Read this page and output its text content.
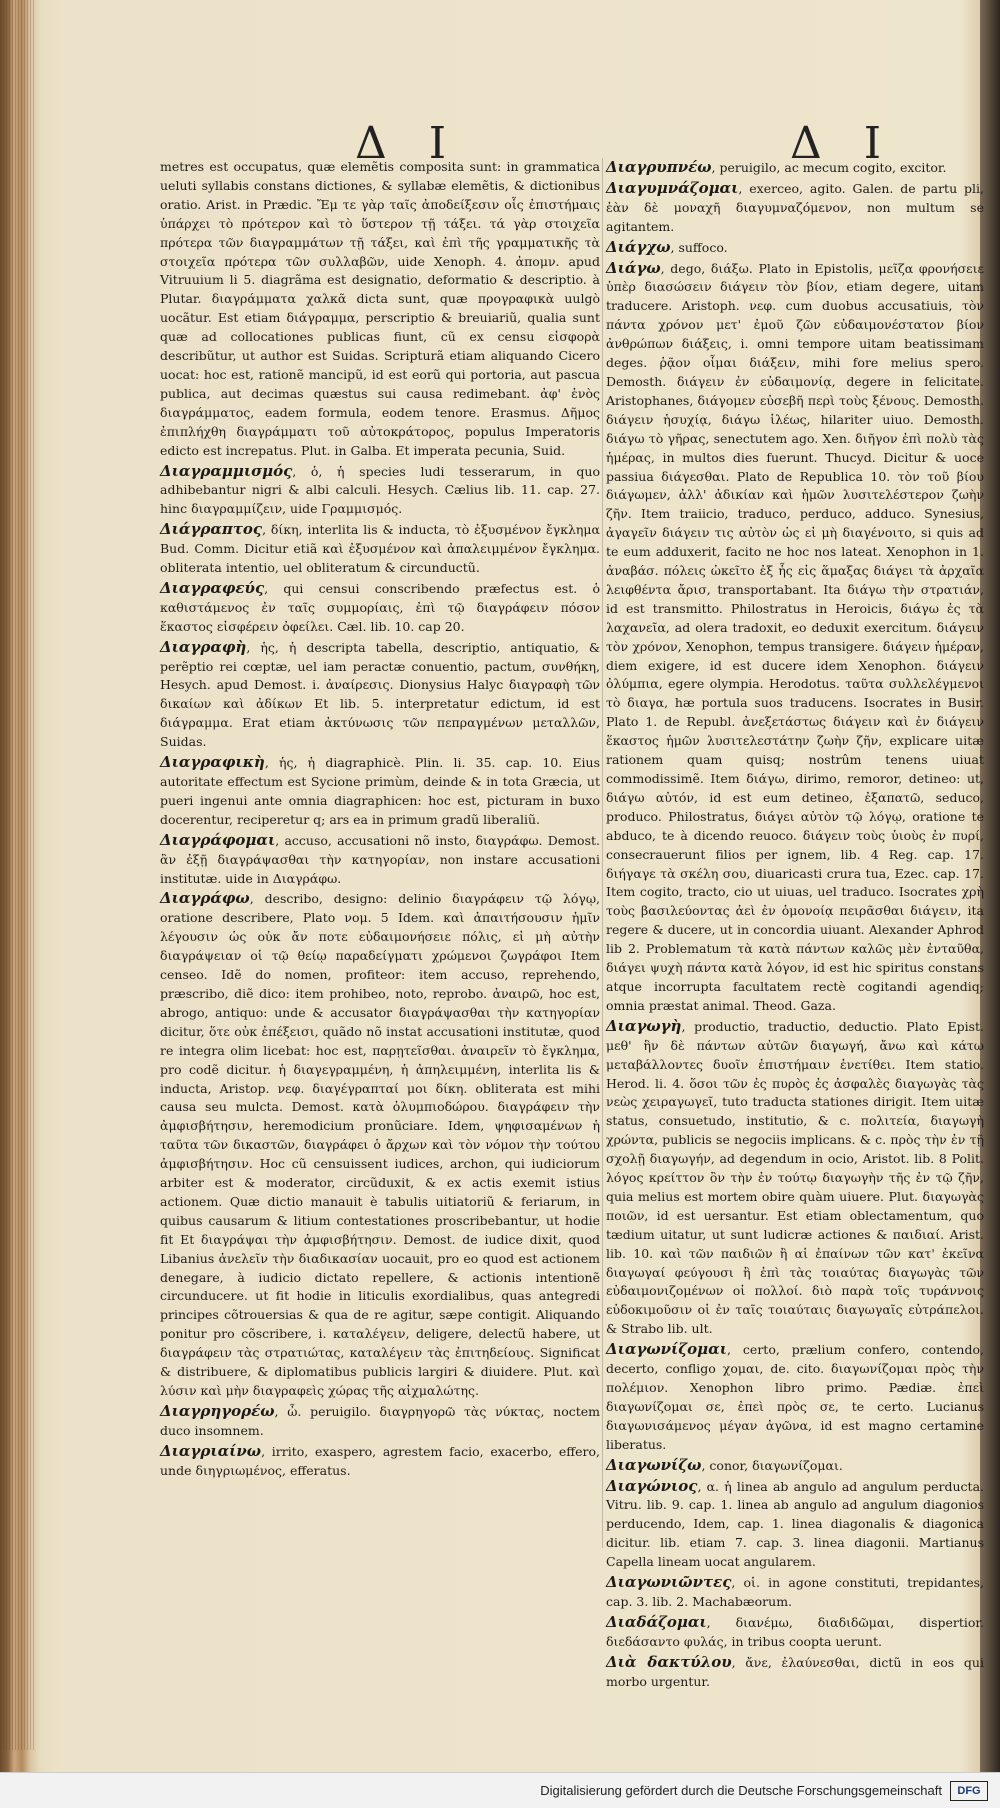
Δ I	Δ I

metres est occupatus, quæ elemẽtis composita sunt: in grammatica ueluti syllabis constans dictiones, & syllabæ elemẽtis, & dictionibus oratio. Arist. in Prædic. Ἔμ τε γὰρ ταῖς ἀποδείξεσιν οἷς ἐπιστήμαις ὑπάρχει τὸ πρότερον καὶ τὸ ὕστερον τῇ τάξει. τά γὰρ στοιχεῖα πρότερα τῶν διαγραμμάτων τῇ τάξει, καὶ ἐπὶ τῆς γραμματικῆς τὰ στοιχεῖα πρότερα τῶν συλλαβῶν, uide Xenoph. 4. ἀπομν. apud Vitruuium li 5. diagrãma est designatio, deformatio & descriptio. à Plutar. διαγράμματα χαλκᾶ dicta sunt, quæ πρoγραφικὰ uulgò uocãtur. Est etiam διάγραμμα, perscriptio & breuiariũ, qualia sunt quæ ad collocationes publicas fiunt, cũ ex censu εἰσφορὰ describũtur, ut author est Suidas. Scripturã etiam aliquando Cicero uocat: hoc est, rationẽ mancipũ, id est eorũ qui portoria, aut pascua publica, aut decimas quæstus sui causa redimebant. ἀφ' ἑνὸς διαγράμματος, eadem formula, eodem tenore. Erasmus. Δῆμος ἐπιπλήχθη διαγράμματι τοῦ αὐτοκράτορος, populus Imperatoris edicto est increpatus. Plut. in Galba. Et imperata pecunia, Suid.

Διαγραμμισμός, ὁ, ἡ species ludi tesserarum, in quo adhibebantur nigri & albi calculi. Hesych. Cælius lib. 11. cap. 27. hinc διαγραμμίζειν, uide Γραμμισμός.

Διάγραπτος, δίκη, interlita lis & inducta, τὸ ἐξυσμένον ἔγκλημα Bud. Comm. Dicitur etiã καὶ ἐξυσμένον καὶ ἀπαλειμμένον ἔγκλημα. obliterata intentio, uel obliteratum & circunductũ.

Διαγραφεύς, qui censui conscribendo præfectus est. ὁ καθιστάμενος ἐν ταῖς συμμορίαις, ἐπὶ τῷ διαγράφειν πόσον ἕκαστος εἰσφέρειν ὀφείλει. Cæl. lib. 10. cap 20.

Διαγραφὴ, ἡς, ἡ descripta tabella, descriptio, antiquatio, & perẽptio rei cœptæ, uel iam peractæ conuentio, pactum, συνθήκη, Hesych. apud Demost. i. ἀναίρεσις. Dionysius Halyc διαγραφὴ τῶν δικαίων καὶ ἀδίκων Et lib. 5. interpretatur edictum, id est διάγραμμα. Erat etiam ἀκτύνωσις τῶν πεπραγμένων μεταλλῶν, Suidas.

Διαγραφικὴ, ἡς, ἡ diagraphicè. Plin. li. 35. cap. 10. Eius autoritate effectum est Sycione primùm, deinde & in tota Græcia, ut pueri ingenui ante omnia diagraphicen: hoc est, picturam in buxo docerentur, reciperetur q; ars ea in primum gradũ liberaliũ.

Διαγράφομαι, accuso, accusationi nõ insto, διαγράφω. Demost. ἂν ἐξῇ διαγράψασθαι τὴν κατηγορίαν, non instare accusationi institutæ. uide in Διαγράφω.

Διαγράφω, describo, designo: delinio διαγράφειν τῷ λόγῳ, oratione describere, Plato νομ. 5 Idem. καὶ ἀπαιτήσουσιν ἡμῖν λέγουσιν ὡς οὐκ ἄν ποτε εὐδαιμονήσειε πόλις, εἰ μὴ αὐτὴν διαγράψειαν οἱ τῷ θείῳ παραδείγματι χρώμενοι ζωγράφοι Item censeo. Idẽ do nomen, profiteor: item accuso, reprehendo, præscribo, diẽ dico: item prohibeo, noto, reprobo. ἀναιρῶ, hoc est, abrogo, antiquo: unde & accusator διαγράψασθαι τὴν κατηγορίαν dicitur, ὅτε οὐκ ἐπέξεισι, quãdo nõ instat accusationi institutæ, quod re integra olim licebat: hoc est, παρῃτεῖσθαι. ἀναιρεῖν τὸ ἔγκλημα, pro codẽ dicitur. ἡ διαγεγραμμένη, ἡ ἀπηλειμμένη, interlita lis & inducta, Aristop. νεφ. διαγέγραπταί μοι δίκη. obliterata est mihi causa seu mulcta. Demost. κατὰ ὀλυμπιοδώρου. διαγράφειν τὴν ἀμφισβήτησιν, heremodicium pronũciare. Idem, ψηφισαμένων ἡ ταῦτα τῶν δικαστῶν, διαγράφει ὁ ἄρχων καὶ τὸν νόμον τὴν τούτου ἀμφισβήτησιν. Hoc cũ censuissent iudices, archon, qui iudiciorum arbiter est & moderator, circũduxit, & ex actis exemit istius actionem. Quæ dictio manauit è tabulis uitiatoriũ & feriarum, in quibus causarum & litium contestationes proscribebantur, ut hodie fit Et διαγράψαι τὴν ἀμφισβήτησιν. Demost. de iudice dixit, quod Libanius ἀνελεῖν τὴν διαδικασίαν uocauit, pro eo quod est actionem denegare, à iudicio dictato repellere, & actionis intentionẽ circunducere. ut fit hodie in liticulis exordialibus, quas antegredi principes cõtrouersias & qua de re agitur, sæpe contigit. Aliquando ponitur pro cõscribere, i. καταλέγειν, deligere, delectũ habere, ut διαγράφειν τὰς στρατιώτας, καταλέγειν τὰς ἐπιτηδείους. Significat & distribuere, & diplomatibus publicis largiri & diuidere. Plut. καὶ λύσιν καὶ μὴν διαγραφεὶς χώρας τῆς αἰχμαλώτης.

Διαγρηγορέω, ὦ. peruigilo. διαγρηγορῶ τὰς νύκτας, noctem duco insomnem.

Διαγριαίνω, irrito, exaspero, agrestem facio, exacerbo, effero, unde διηγριωμένος, efferatus.

Διαγρυπνέω, peruigilo, ac mecum cogito, excitor.

Διαγυμνάζομαι, exerceo, agito. Galen. de partu pli, ἐὰν δὲ μοναχῆ διαγυμναζόμενον, non multum se agitantem.

Διάγχω, suffoco.

Διάγω, dego, διάξω. Plato in Epistolis, μεῖζα φρονήσειε ὑπὲρ διασώσειν διάγειν τὸν βίον, etiam degere, uitam traducere. Aristoph. νεφ. cum duobus accusatiuis, τὸν πάντα χρόνον μετ' ἐμοῦ ζῶν εὐδαιμονέστατον βίον ἀνθρώπων διάξεις, i. omni tempore uitam beatissimam deges. ῥᾷον οἶμαι διάξειν, mihi fore melius spero. Demosth. διάγειν ἐν εὐδαιμονίᾳ, degere in felicitate. Aristophanes, διάγομεν εὐσεβῆ περὶ τοὺς ξένους. Demosth. διάγειν ἡσυχίᾳ, διάγω ἱλέως, hilariter uiuo. Demosth. διάγω τὸ γῆρας, senectutem ago. Xen. διῆγον ἐπὶ πολὺ τὰς ἡμέρας, in multos dies fuerunt. Thucyd. Dicitur & uoce passiua διάγεσθαι. Plato de Republica 10. τὸν τοῦ βίου διάγωμεν, ἀλλ' ἀδικίαν καὶ ἡμῶν λυσιτελέστερον ζωὴν ζῆν. Item traiicio, traduco, perduco, adduco. Synesius, ἀγαγεῖν διάγειν τις αὐτὸν ὡς εἰ μὴ διαγένοιτο, si quis ad te eum adduxerit, facito ne hoc nos lateat. Xenophon in 1. ἀναβάσ. πόλεις ὠκεῖτο ἐξ ἧς εἰς ἅμαξας διάγει τὰ ἀρχαῖα λειφθέντα ἄρισ, transportabant. Ita διάγω τὴν στρατιάν, id est transmitto. Philostratus in Heroicis, διάγω ἐς τὰ λαχανεῖα, ad olera tradoxit, eo deduxit exercitum. διάγειν τὸν χρόνον, Xenophon, tempus transigere. διάγειν ἡμέραν, diem exigere, id est ducere idem Xenophon. διάγειν ὀλύμπια, egere olympia. Herodotus. ταῦτα συλλελέγμενοι τὸ διαγα, hæ portula suos traducens. Isocrates in Busir. Plato 1. de Republ. ἀνεξετάστως διάγειν καὶ ἐν διάγειν ἕκαστος ἡμῶν λυσιτελεστάτην ζωὴν ζῆν, explicare uitæ rationem quam quisq; nostrûm tenens uiuat commodissimẽ. Item διάγω, dirimo, remoror, detineo: ut, διάγω αὐτόν, id est eum detineo, ἐξαπατῶ, seduco, produco. Philostratus, διάγει αὐτὸν τῷ λόγῳ, oratione te abduco, te à dicendo reuoco. διάγειν τοὺς ὑιοὺς ἐν πυρί, consecrauerunt filios per ignem, lib. 4 Reg. cap. 17. διήγαγε τὰ σκέλη σου, diuaricasti crura tua, Ezec. cap. 17. Item cogito, tracto, cio ut uiuas, uel traduco. Isocrates χρὴ τοὺς βασιλεύοντας ἀεὶ ἐν ὁμονοίᾳ πειρᾶσθαι διάγειν, ita regere & ducere, ut in concordia uiuant. Alexander Aphrod lib 2. Problematum τὰ κατὰ πάντων καλῶς μὲν ἐνταῦθα, διάγει ψυχὴ πάντα κατὰ λόγον, id est hic spiritus constans atque incorrupta facultatem rectè cogitandi agendiq; omnia præstat animal. Theod. Gaza.

Διαγωγὴ, productio, traductio, deductio. Plato Epist. μεθ' ἣν δὲ πάντων αὐτῶν διαγωγή, ἄνω καὶ κάτω μεταβάλλοντες δυοῖν ἐπιστήμαιν ἐνετίθει. Item statio. Herod. li. 4. ὅσοι τῶν ἐς πυρὸς ἐς ἀσφαλὲς διαγωγὰς τὰς νεὼς χειραγωγεῖ, tuto traducta stationes dirigit. Item uitæ status, consuetudo, institutio, & c. πολιτεία, διαγωγὴ χρώντα, publicis se negociis implicans. & c. πρὸς τὴν ἐν τῇ σχολῇ διαγωγήν, ad degendum in ocio, Aristot. lib. 8 Polit. λόγος κρείττον ὂν τὴν ἐν τούτῳ διαγωγὴν τῆς ἐν τῷ ζῆν, quia melius est mortem obire quàm uiuere. Plut. διαγωγὰς ποιῶν, id est uersantur. Est etiam oblectamentum, quo tædium uitatur, ut sunt ludicræ actiones & παιδιαί. Arist. lib. 10. καὶ τῶν παιδιῶν ἢ αἱ ἐπαίνων τῶν κατ' ἐκεῖνα διαγωγαί φεύγουσι ἢ ἐπὶ τὰς τοιαύτας διαγωγὰς τῶν εὐδαιμονιζομένων οἱ πολλοί. διὸ παρὰ τοῖς τυράννοις εὐδοκιμοῦσιν οἱ ἐν ταῖς τοιαύταις διαγωγαῖς εὐτράπελοι. & Strabo lib. ult.

Διαγωνίζομαι, certo, prælium confero, contendo, decerto, confligo χομαι, de. cito. διαγωνίζομαι πρὸς τὴν πολέμιον. Xenophon libro primo. Pædiæ. ἐπεὶ διαγωνίζομαι σε, ἐπεὶ πρὸς σε, te certo. Lucianus διαγωνισάμενος μέγαν ἀγῶνα, id est magno certamine liberatus.

Διαγωνίζω, conor, διαγωνίζομαι.

Διαγώνιος, α. ἡ linea ab angulo ad angulum perducta. Vitru. lib. 9. cap. 1. linea ab angulo ad angulum diagonios perducendo, Idem, cap. 1. linea diagonalis & diagonica dicitur. lib. etiam 7. cap. 3. linea diagonii. Martianus Capella lineam uocat angularem.

Διαγωνιῶντες, οἱ. in agone constituti, trepidantes, cap. 3. lib. 2. Machabæorum.

Διαδάζομαι, διανέμω, διαδιδῶμαι, dispertior. διεδάσαντο φυλάς, in tribus coopta uerunt.

Διὰ δακτύλου, ἄνε, ἐλαύνεσθαι, dictũ in eos qui morbo urgentur.

Digitalisierung gefördert durch die Deutsche Forschungsgemeinschaft	DFG
